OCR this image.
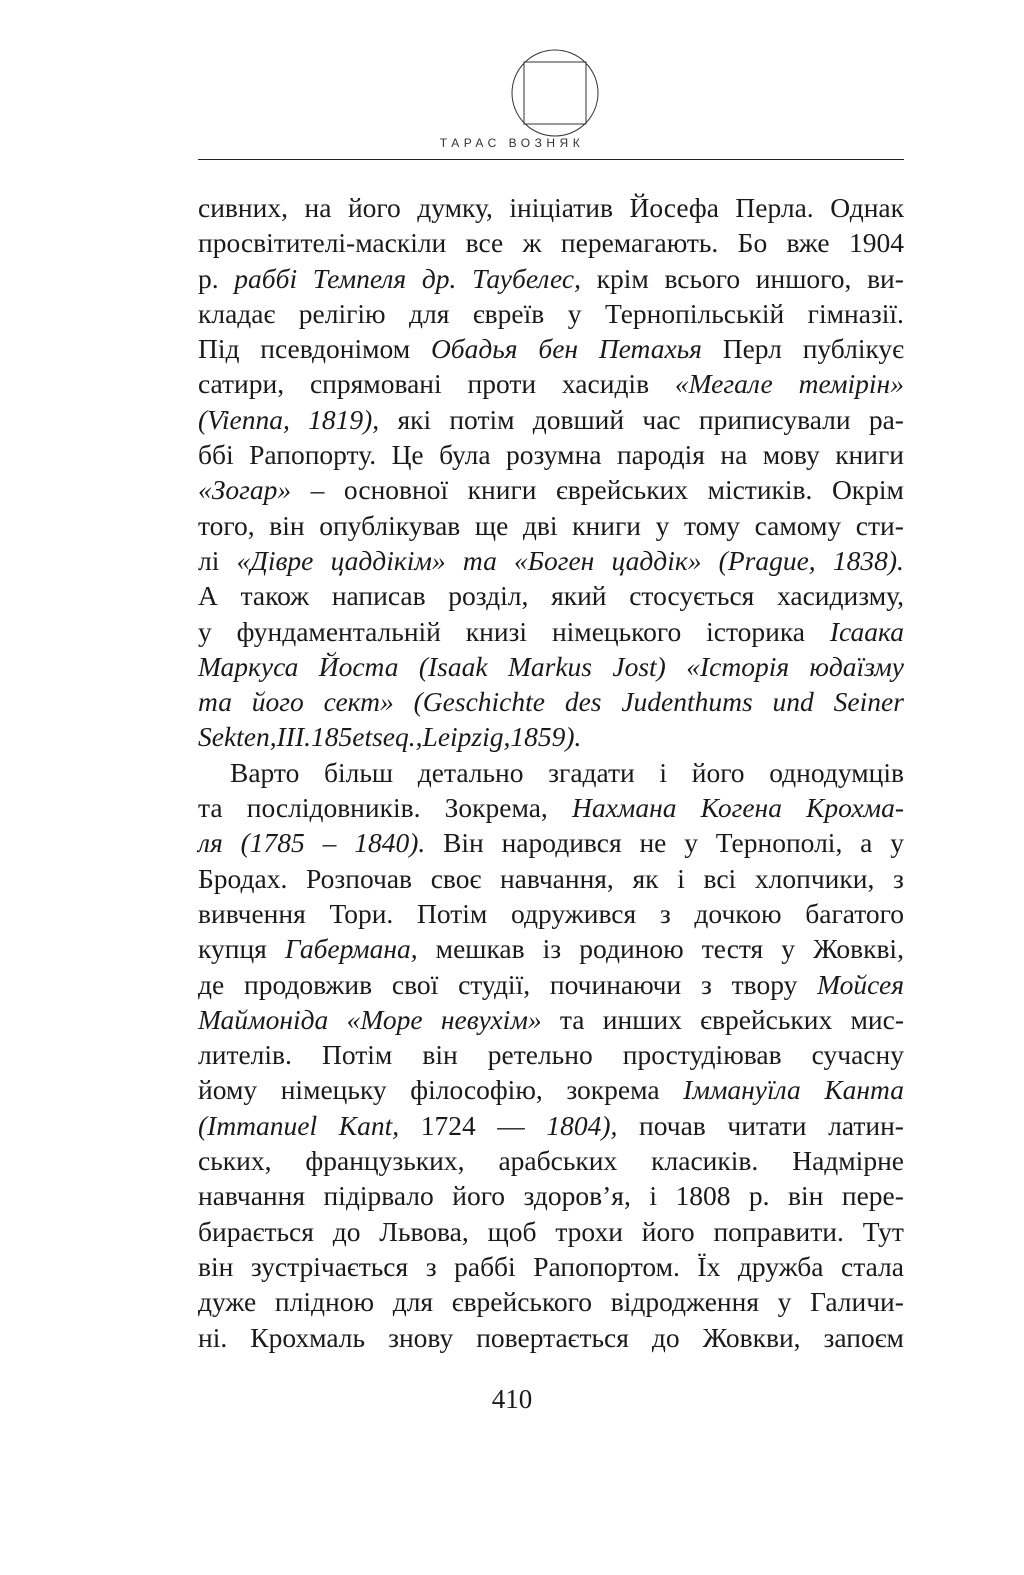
ТАРАС ВОЗНЯК
сивних, на його думку, ініціатив Йосефа Перла. Однак
просвітителі-маскіли все ж перемагають. Бо вже 1904
р. раббі Темпеля др. Таубелес, крім всього иншого, ви-
кладає релігію для євреїв у Тернопільській гімназії.
Під псевдонімом Обадья бен Петахья Перл публікує
сатири, спрямовані проти хасидів «Мегале темірін»
(Vienna, 1819), які потім довший час приписували ра-
ббі Рапопорту. Це була розумна пародія на мову книги
«Зогар» – основної книги єврейських містиків. Окрім
того, він опублікував ще дві книги у тому самому сти-
лі «Дівре цаддікім» та «Боген цаддік» (Prague, 1838).
А також написав розділ, який стосується хасидизму,
у фундаментальній книзі німецького історика Ісаака
Маркуса Йоста (Isaak Markus Jost) «Історія юдаїзму
та його сект» (Geschichte des Judenthums und Seiner
Sekten, III. 185 et seq., Leipzig, 1859).
Варто більш детально згадати і його однодумців
та послідовників. Зокрема, Нахмана Когена Крохма-
ля (1785 – 1840). Він народився не у Тернополі, а у
Бродах. Розпочав своє навчання, як і всі хлопчики, з
вивчення Тори. Потім одружився з дочкою багатого
купця Габермана, мешкав із родиною тестя у Жовкві,
де продовжив свої студії, починаючи з твору Мойсея
Маймоніда «Море невухім» та инших єврейських мис-
лителів. Потім він ретельно простудіював сучасну
йому німецьку філософію, зокрема Іммануїла Канта
(Immanuel Kant, 1724 — 1804), почав читати латин-
ських, французьких, арабських класиків. Надмірне
навчання підірвало його здоров’я, і 1808 р. він пере-
бирається до Львова, щоб трохи його поправити. Тут
він зустрічається з раббі Рапопортом. Їх дружба стала
дуже плідною для єврейського відродження у Галичи-
ні. Крохмаль знову повертається до Жовкви, запоєм
410
